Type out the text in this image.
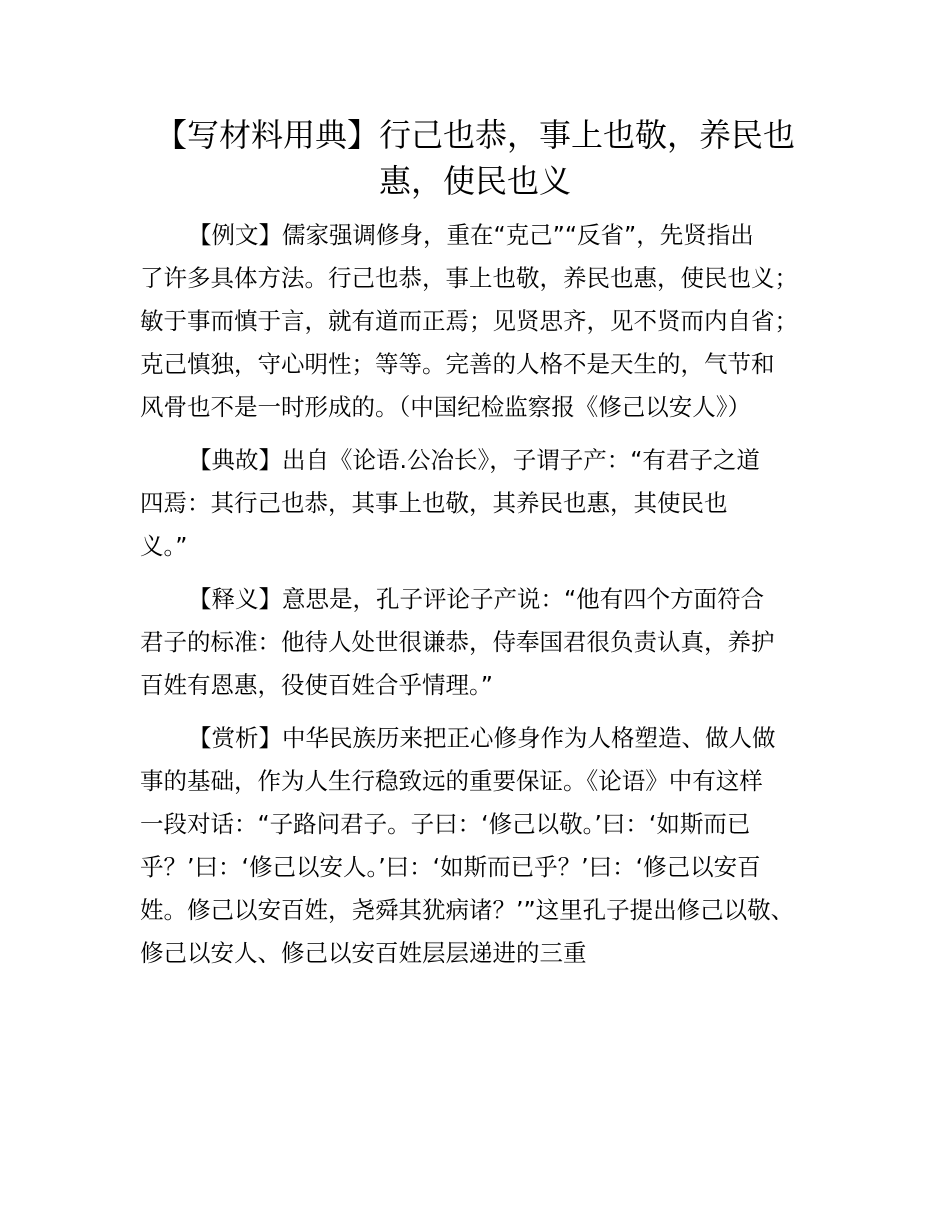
【写材料用典】行己也恭，事上也敬，养民也
惠，使民也义

【例文】儒家强调修身，重在“克己”“反省”，先贤指出
了许多具体方法。行己也恭，事上也敬，养民也惠，使民也义；
敏于事而慎于言，就有道而正焉；见贤思齐，见不贤而内自省；
克己慎独，守心明性；等等。完善的人格不是天生的，气节和
风骨也不是一时形成的。（中国纪检监察报《修己以安人》）

【典故】出自《论语.公冶长》，子谓子产：“有君子之道
四焉：其行己也恭，其事上也敬，其养民也惠，其使民也
义。”

【释义】意思是，孔子评论子产说：“他有四个方面符合
君子的标准：他待人处世很谦恭，侍奉国君很负责认真，养护
百姓有恩惠，役使百姓合乎情理。”

【赏析】中华民族历来把正心修身作为人格塑造、做人做
事的基础，作为人生行稳致远的重要保证。《论语》中有这样
一段对话：“子路问君子。子曰：‘修己以敬。’曰：‘如斯而已
乎？’曰：‘修己以安人。’曰：‘如斯而已乎？’曰：‘修己以安百
姓。修己以安百姓，尧舜其犹病诸？’”这里孔子提出修己以敬、
修己以安人、修己以安百姓层层递进的三重
